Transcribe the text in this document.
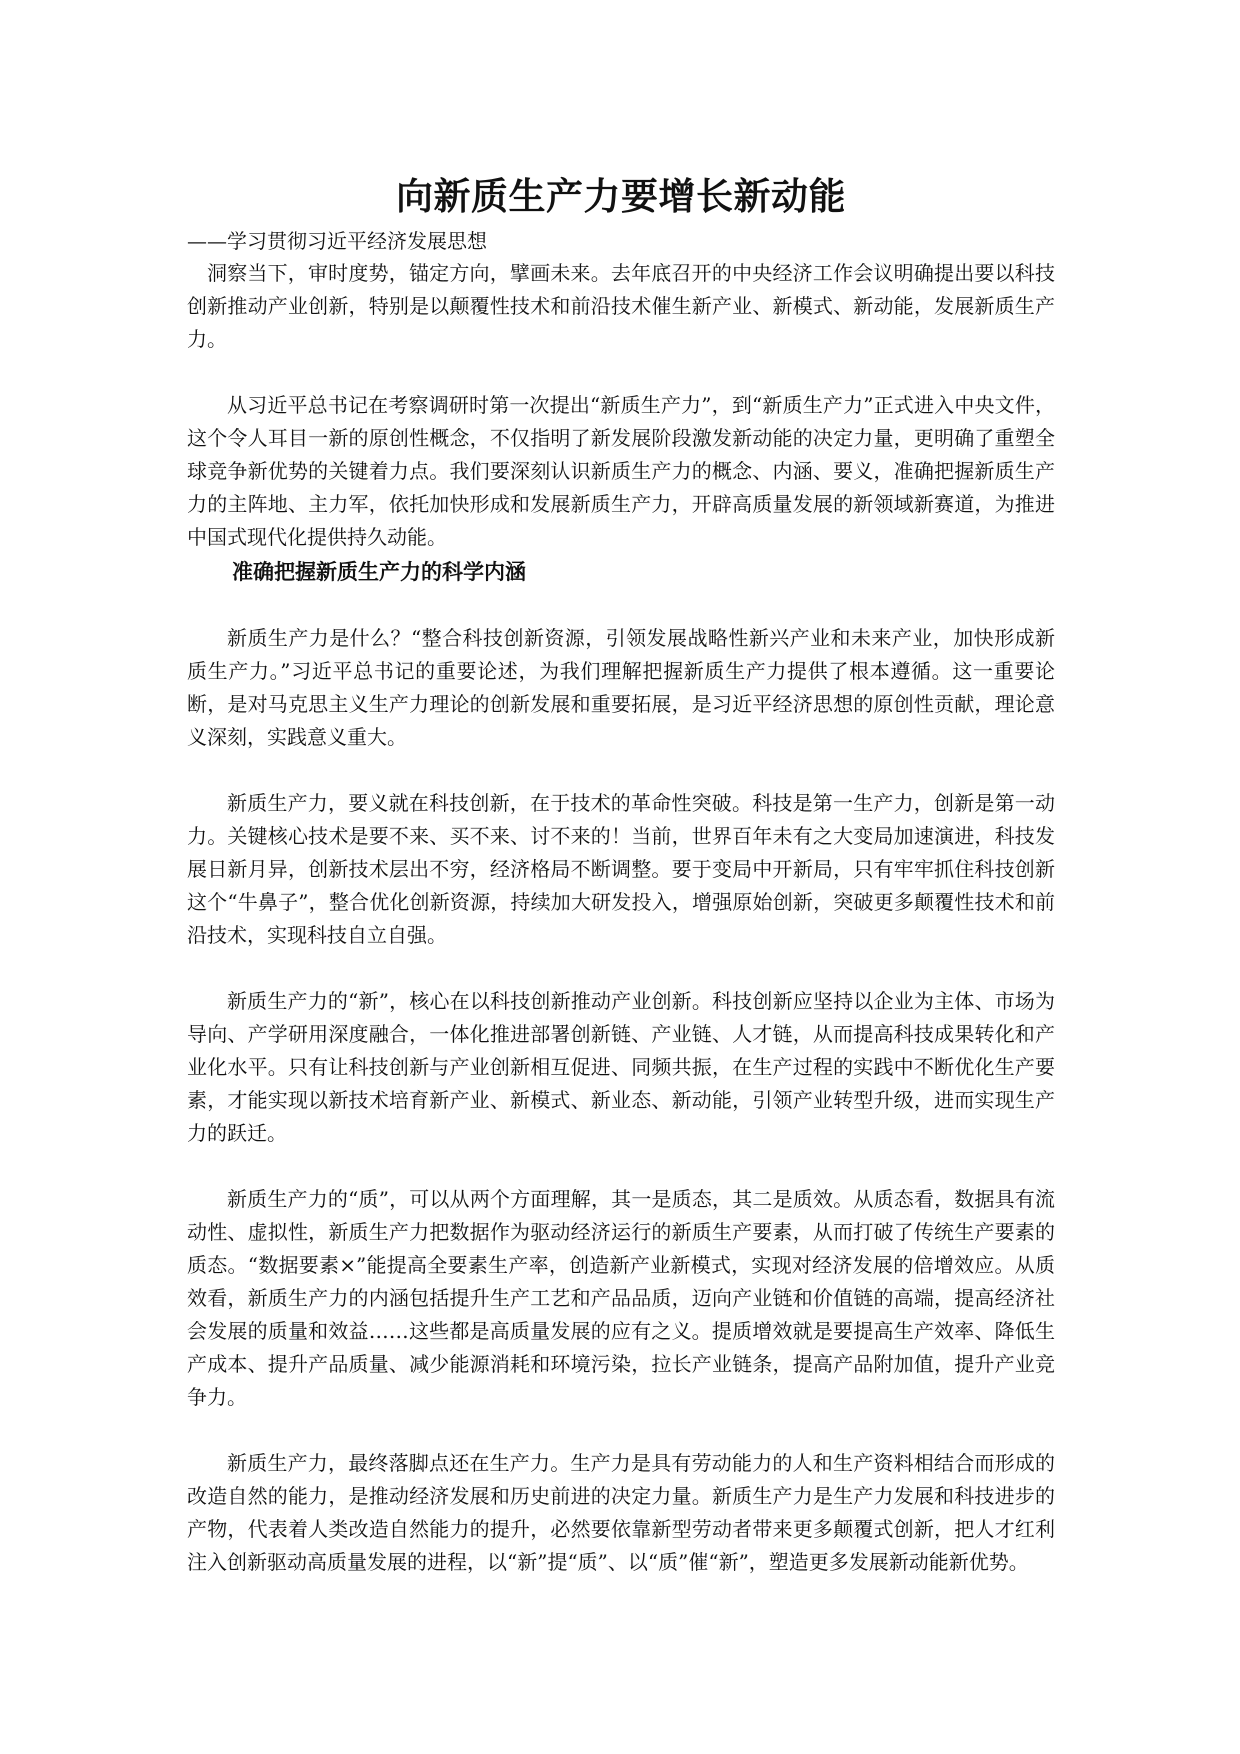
向新质生产力要增长新动能
——学习贯彻习近平经济发展思想

洞察当下，审时度势，锚定方向，擘画未来。去年底召开的中央经济工作会议明确提出要以科技创新推动产业创新，特别是以颠覆性技术和前沿技术催生新产业、新模式、新动能，发展新质生产力。

从习近平总书记在考察调研时第一次提出“新质生产力”，到“新质生产力”正式进入中央文件，这个令人耳目一新的原创性概念，不仅指明了新发展阶段激发新动能的决定力量，更明确了重塑全球竞争新优势的关键着力点。我们要深刻认识新质生产力的概念、内涵、要义，准确把握新质生产力的主阵地、主力军，依托加快形成和发展新质生产力，开辟高质量发展的新领域新赛道，为推进中国式现代化提供持久动能。

准确把握新质生产力的科学内涵

新质生产力是什么？“整合科技创新资源，引领发展战略性新兴产业和未来产业，加快形成新质生产力。”习近平总书记的重要论述，为我们理解把握新质生产力提供了根本遵循。这一重要论断，是对马克思主义生产力理论的创新发展和重要拓展，是习近平经济思想的原创性贡献，理论意义深刻，实践意义重大。

新质生产力，要义就在科技创新，在于技术的革命性突破。科技是第一生产力，创新是第一动力。关键核心技术是要不来、买不来、讨不来的！当前，世界百年未有之大变局加速演进，科技发展日新月异，创新技术层出不穷，经济格局不断调整。要于变局中开新局，只有牢牢抓住科技创新这个“牛鼻子”，整合优化创新资源，持续加大研发投入，增强原始创新，突破更多颠覆性技术和前沿技术，实现科技自立自强。

新质生产力的“新”，核心在以科技创新推动产业创新。科技创新应坚持以企业为主体、市场为导向、产学研用深度融合，一体化推进部署创新链、产业链、人才链，从而提高科技成果转化和产业化水平。只有让科技创新与产业创新相互促进、同频共振，在生产过程的实践中不断优化生产要素，才能实现以新技术培育新产业、新模式、新业态、新动能，引领产业转型升级，进而实现生产力的跃迁。

新质生产力的“质”，可以从两个方面理解，其一是质态，其二是质效。从质态看，数据具有流动性、虚拟性，新质生产力把数据作为驱动经济运行的新质生产要素，从而打破了传统生产要素的质态。“数据要素×”能提高全要素生产率，创造新产业新模式，实现对经济发展的倍增效应。从质效看，新质生产力的内涵包括提升生产工艺和产品品质，迈向产业链和价值链的高端，提高经济社会发展的质量和效益……这些都是高质量发展的应有之义。提质增效就是要提高生产效率、降低生产成本、提升产品质量、减少能源消耗和环境污染，拉长产业链条，提高产品附加值，提升产业竞争力。

新质生产力，最终落脚点还在生产力。生产力是具有劳动能力的人和生产资料相结合而形成的改造自然的能力，是推动经济发展和历史前进的决定力量。新质生产力是生产力发展和科技进步的产物，代表着人类改造自然能力的提升，必然要依靠新型劳动者带来更多颠覆式创新，把人才红利注入创新驱动高质量发展的进程，以“新”提“质”、以“质”催“新”，塑造更多发展新动能新优势。
